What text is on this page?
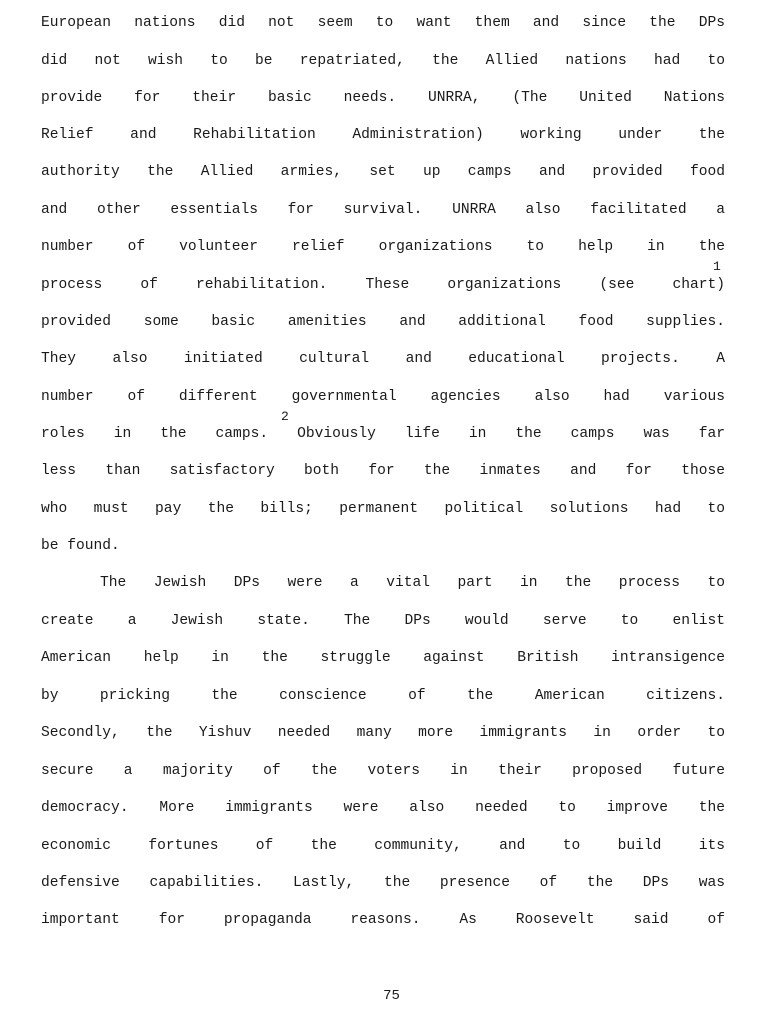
European nations did not seem to want them and since the DPs
did not wish to be repatriated, the Allied nations had to
provide for their basic needs. UNRRA, (The United Nations
Relief and Rehabilitation Administration) working under the
authority the Allied armies, set up camps and provided food
and other essentials for survival. UNRRA also facilitated a
number of volunteer relief organizations to help in the
1
process of rehabilitation. These organizations (see chart)
provided some basic amenities and additional food supplies.
They also initiated cultural and educational projects. A
number of different governmental agencies also had various
2
roles in the camps. Obviously life in the camps was far
less than satisfactory both for the inmates and for those
who must pay the bills; permanent political solutions had to
be found.
The Jewish DPs were a vital part in the process to
create a Jewish state. The DPs would serve to enlist
American help in the struggle against British intransigence
by pricking the conscience of the American citizens.
Secondly, the Yishuv needed many more immigrants in order to
secure a majority of the voters in their proposed future
democracy. More immigrants were also needed to improve the
economic fortunes of the community, and to build its
defensive capabilities. Lastly, the presence of the DPs was
important for propaganda reasons. As Roosevelt said of
75
